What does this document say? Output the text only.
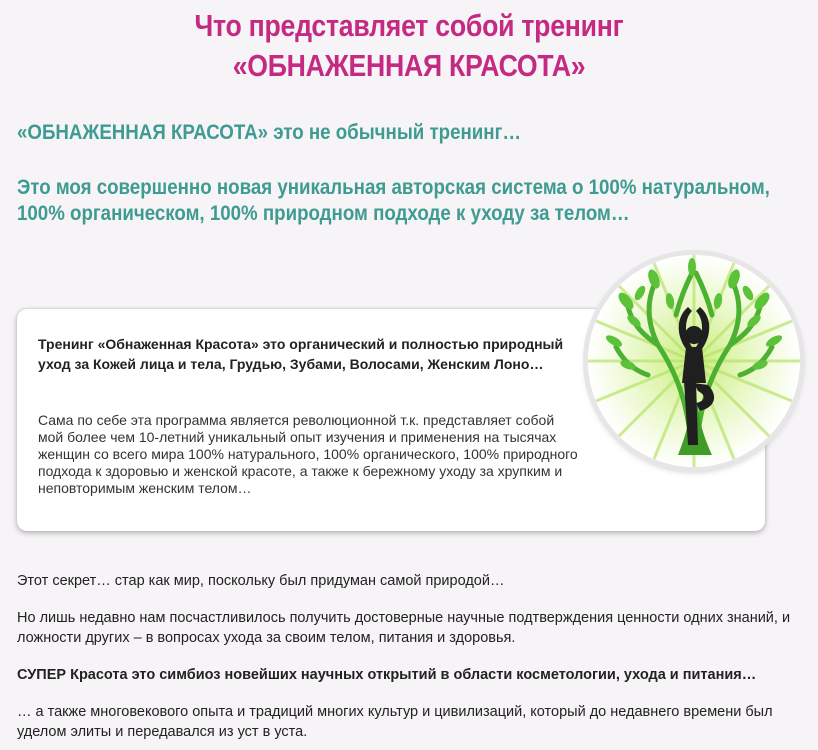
Что представляет собой тренинг
«ОБНАЖЕННАЯ КРАСОТА»
«ОБНАЖЕННАЯ КРАСОТА» это не обычный тренинг…
Это моя совершенно новая уникальная авторская система о 100% натуральном,
100% органическом, 100% природном подходе к уходу за телом…
Тренинг «Обнаженная Красота» это органический и полностью природный уход за Кожей лица и тела, Грудью, Зубами, Волосами, Женским Лоно…
Сама по себе эта программа является революционной т.к. представляет собой мой более чем 10-летний уникальный опыт изучения и применения на тысячах женщин со всего мира 100% натурального, 100% органического, 100% природного подхода к здоровью и женской красоте, а также к бережному уходу за хрупким и неповторимым женским телом…
Этот секрет… стар как мир, поскольку был придуман самой природой…
Но лишь недавно нам посчастливилось получить достоверные научные подтверждения ценности одних знаний, и ложности других – в вопросах ухода за своим телом, питания и здоровья.
СУПЕР Красота это симбиоз новейших научных открытий в области косметологии, ухода и питания…
… а также многовекового опыта и традиций многих культур и цивилизаций, который до недавнего времени был уделом элиты и передавался из уст в уста.
